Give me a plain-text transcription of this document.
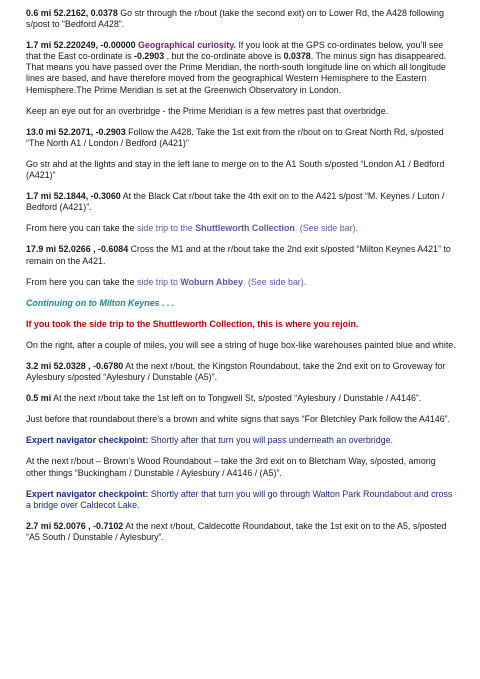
0.6 mi 52.2162, 0.0378 Go str through the r/bout (take the second exit) on to Lower Rd, the A428 following s/post to “Bedford A428”.

1.7 mi 52.220249, -0.00000 Geographical curiosity. If you look at the GPS co-ordinates below, you’ll see that the East co-ordinate is -0.2903 , but the co-ordinate above is 0.0378. The minus sign has disappeared. That means you have passed over the Prime Meridian, the north-south longitude line on which all longitude lines are based, and have therefore moved from the geographical Western Hemisphere to the Eastern Hemisphere.The Prime Meridian is set at the Greenwich Observatory in London.

Keep an eye out for an overbridge - the Prime Meridian is a few metres past that overbridge.

13.0 mi 52.2071, -0.2903 Follow the A428. Take the 1st exit from the r/bout on to Great North Rd, s/posted “The North A1 / London / Bedford (A421)”

Go str ahd at the lights and stay in the left lane to merge on to the A1 South s/posted “London A1 / Bedford (A421)”

1.7 mi 52.1844, -0.3060 At the Black Cat r/bout take the 4th exit on to the A421 s/post “M. Keynes / Luton / Bedford (A421)”.

From here you can take the side trip to the Shuttleworth Collection. (See side bar).

17.9 mi 52.0266 , -0.6084 Cross the M1 and at the r/bout take the 2nd exit s/posted “Milton Keynes A421” to remain on the A421.

From here you can take the side trip to Woburn Abbey. (See side bar).

Continuing on to Milton Keynes . . .

If you took the side trip to the Shuttleworth Collection, this is where you rejoin.

On the right, after a couple of miles, you will see a string of huge box-like warehouses painted blue and white.

3.2 mi 52.0328 , -0.6780 At the next r/bout, the Kingston Roundabout, take the 2nd exit on to Groveway for Aylesbury s/posted “Aylesbury / Dunstable (A5)”.

0.5 mi At the next r/bout take the 1st left on to Tongwell St, s/posted “Aylesbury / Dunstable / A4146”.

Just before that roundabout there’s a brown and white signs that says “For Bletchley Park follow the A4146”.

Expert navigator checkpoint: Shortly after that turn you will pass underneath an overbridge.

At the next r/bout – Brown’s Wood Roundabout – take the 3rd exit on to Bletcham Way, s/posted, among other things “Buckingham / Dunstable / Aylesbury / A4146 / (A5)”.

Expert navigator checkpoint: Shortly after that turn you will go through Walton Park Roundabout and cross a bridge over Caldecot Lake.

2.7 mi 52.0076 , -0.7102 At the next r/bout, Caldecotte Roundabout, take the 1st exit on to the A5, s/posted “A5 South / Dunstable / Aylesbury”.
